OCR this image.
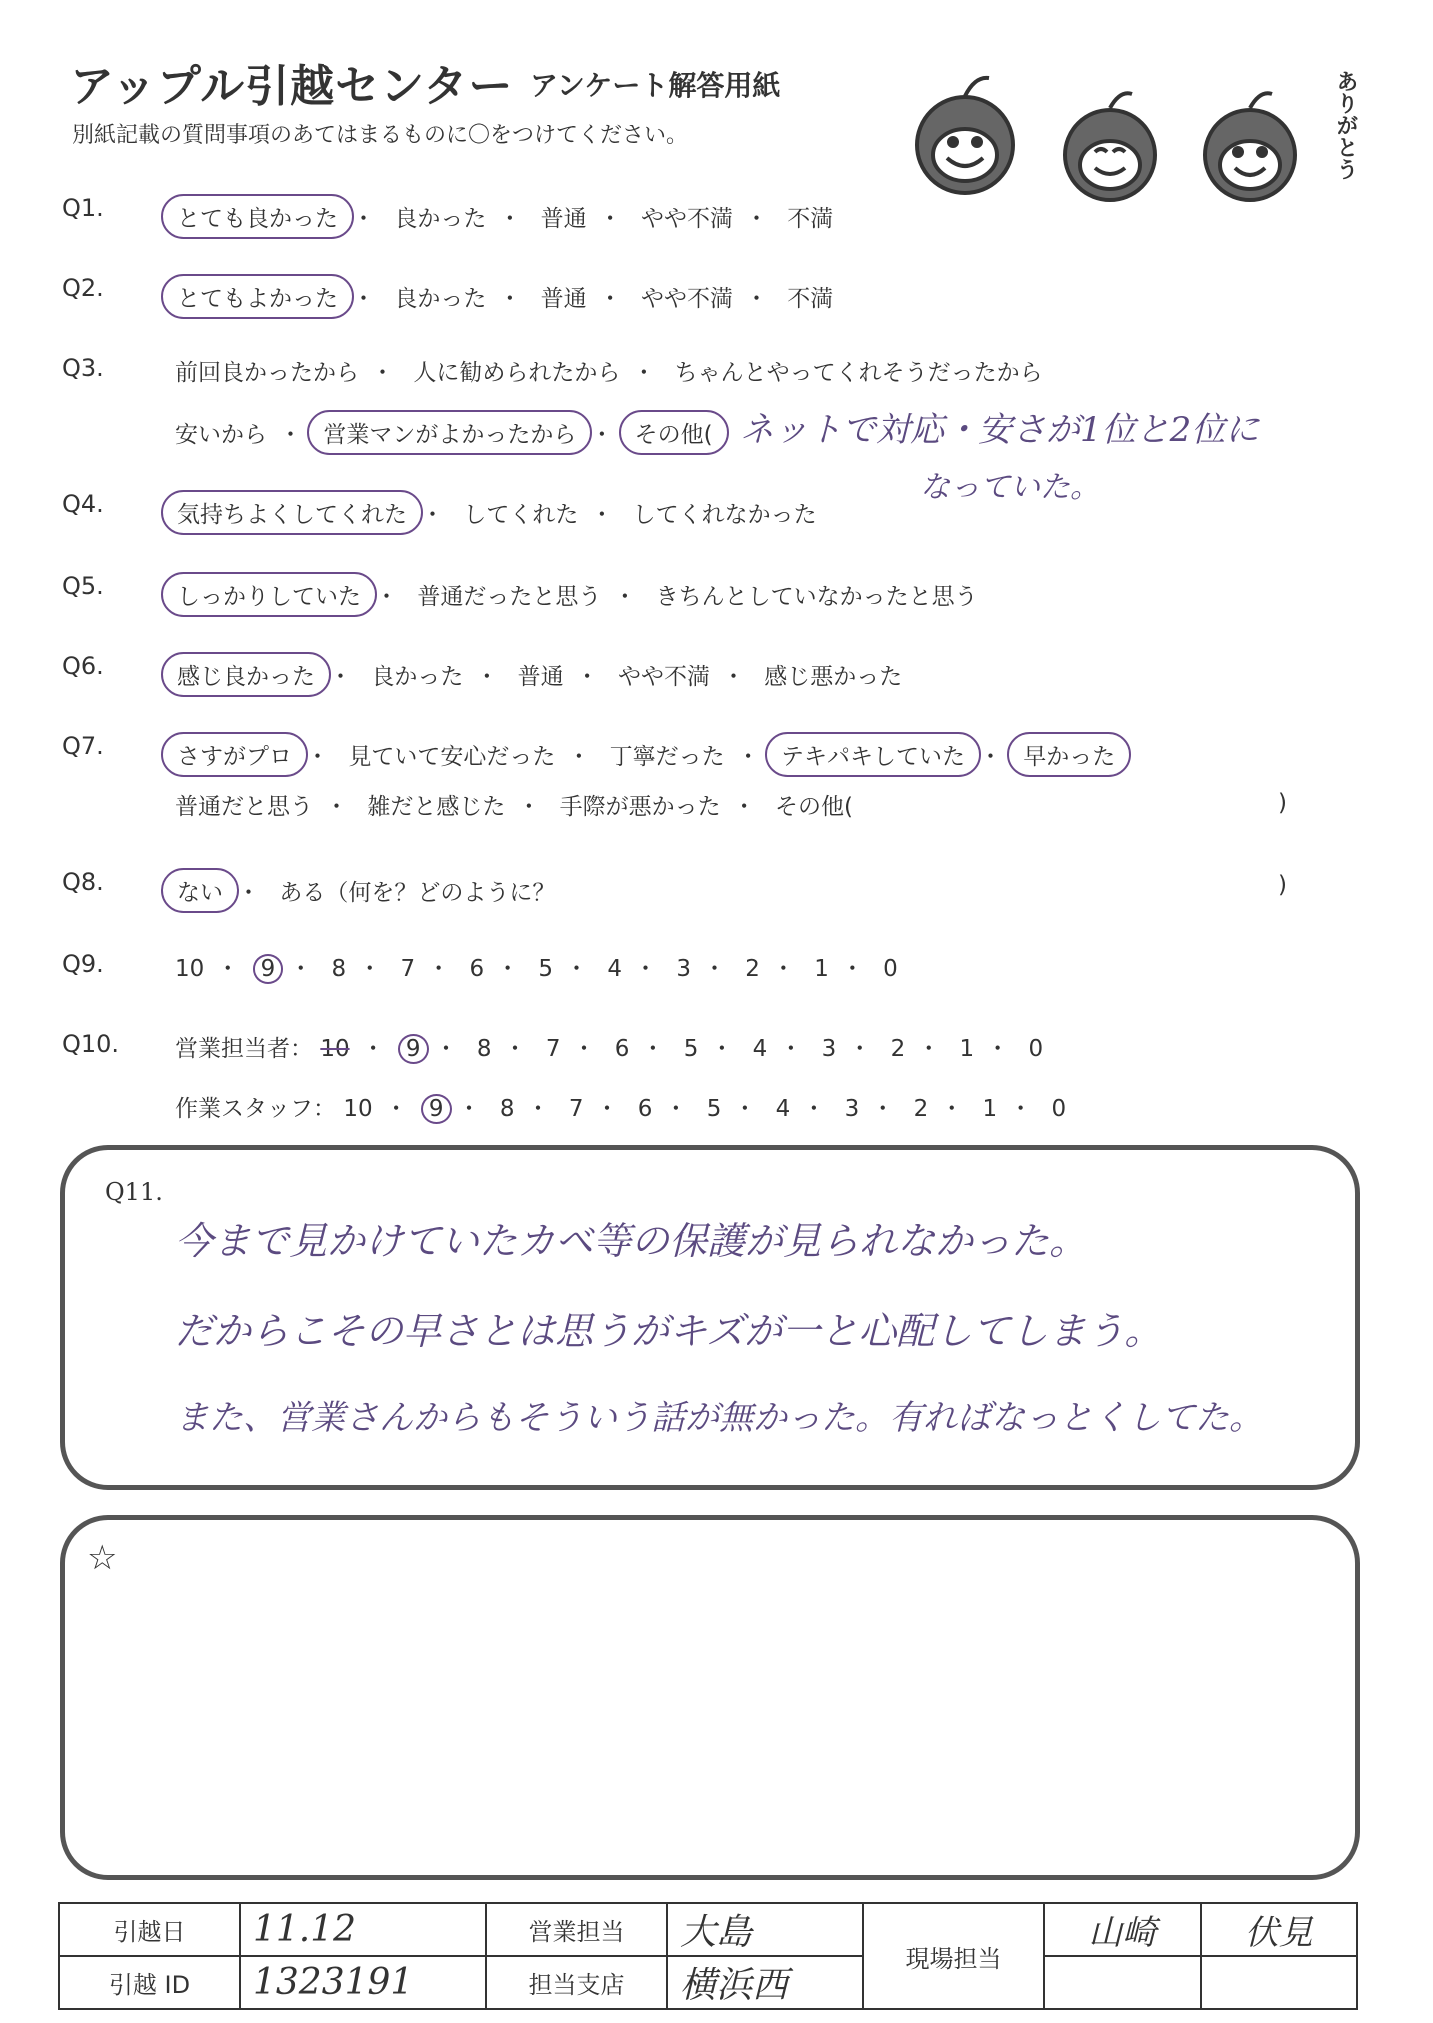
アップル引越センター アンケート解答用紙
別紙記載の質問事項のあてはまるものに〇をつけてください。	ありがとう
Q1.	とても良かった ・ 良かった ・ 普通 ・ やや不満 ・ 不満
Q2.	とてもよかった ・ 良かった ・ 普通 ・ やや不満 ・ 不満
Q3.	前回良かったから ・ 人に勧められたから ・ ちゃんとやってくれそうだったから
安いから ・ 営業マンがよかったから ・ その他( ネットで対応・安さが1位と2位に
なっていた。
Q4.	気持ちよくしてくれた ・ してくれた ・ してくれなかった
Q5.	しっかりしていた ・ 普通だったと思う ・ きちんとしていなかったと思う
Q6.	感じ良かった ・ 良かった ・ 普通 ・ やや不満 ・ 感じ悪かった
Q7.	さすがプロ ・ 見ていて安心だった ・ 丁寧だった ・ テキパキしていた ・ 早かった
普通だと思う ・ 雑だと感じた ・ 手際が悪かった ・ その他(	)
Q8.	ない ・ ある（何を？どのように？	)
Q9.	10 ・ 9 ・ 8 ・ 7 ・ 6 ・ 5 ・ 4 ・ 3 ・ 2 ・ 1 ・ 0
Q10. 営業担当者： 10 ・ 9 ・ 8 ・ 7 ・ 6 ・ 5 ・ 4 ・ 3 ・ 2 ・ 1 ・ 0
作業スタッフ： 10 ・ 9 ・ 8 ・ 7 ・ 6 ・ 5 ・ 4 ・ 3 ・ 2 ・ 1 ・ 0
Q11.
今まで見かけていたカベ等の保護が見られなかった。
だからこその早さとは思うがキズが一と心配してしまう。
また、営業さんからもそういう話が無かった。有ればなっとくしてた。
☆
引越日	11.12	営業担当	大島	現場担当	山崎	伏見
引越 ID	1323191	担当支店	横浜西			
